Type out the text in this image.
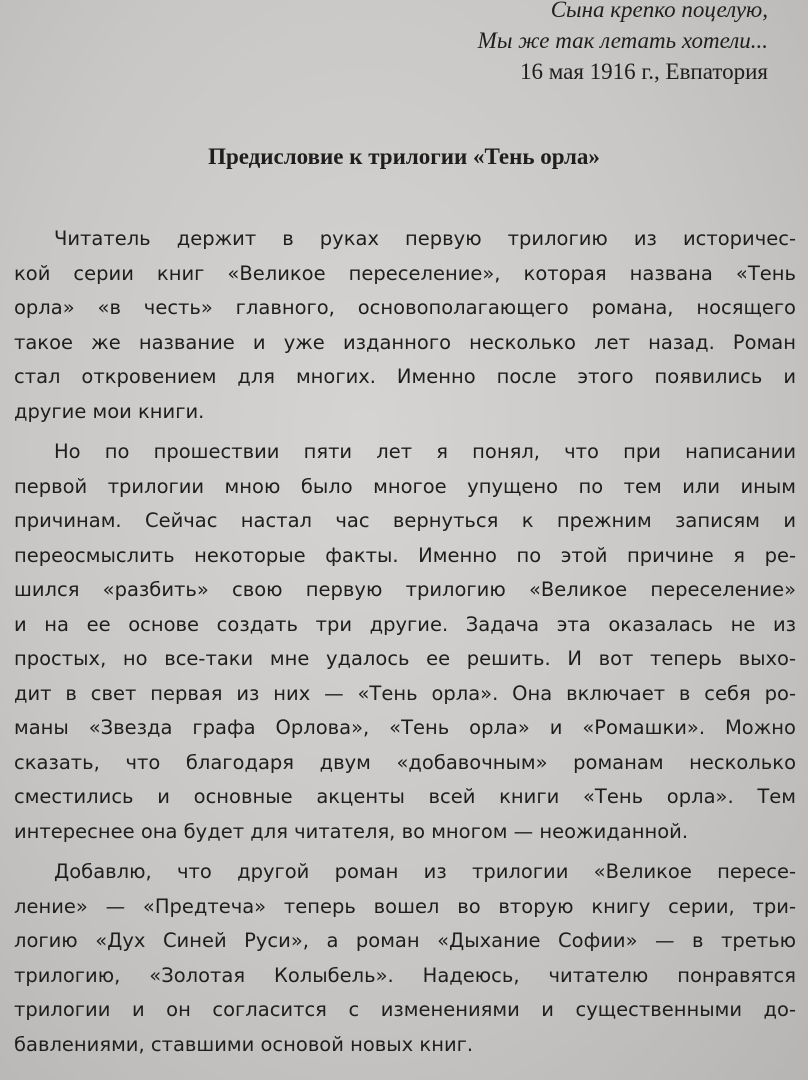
Сына крепко поцелую,
Мы же так летать хотели...
16 мая 1916 г., Евпатория
Предисловие к трилогии «Тень орла»
Читатель держит в руках первую трилогию из историчес-
кой серии книг «Великое переселение», которая названа «Тень
орла» «в честь» главного, основополагающего романа, носящего
такое же название и уже изданного несколько лет назад. Роман
стал откровением для многих. Именно после этого появились и
другие мои книги.
Но по прошествии пяти лет я понял, что при написании
первой трилогии мною было многое упущено по тем или иным
причинам. Сейчас настал час вернуться к прежним записям и
переосмыслить некоторые факты. Именно по этой причине я ре-
шился «разбить» свою первую трилогию «Великое переселение»
и на ее основе создать три другие. Задача эта оказалась не из
простых, но все-таки мне удалось ее решить. И вот теперь выхо-
дит в свет первая из них — «Тень орла». Она включает в себя ро-
маны «Звезда графа Орлова», «Тень орла» и «Ромашки». Можно
сказать, что благодаря двум «добавочным» романам несколько
сместились и основные акценты всей книги «Тень орла». Тем
интереснее она будет для читателя, во многом — неожиданной.
Добавлю, что другой роман из трилогии «Великое пересе-
ление» — «Предтеча» теперь вошел во вторую книгу серии, три-
логию «Дух Синей Руси», а роман «Дыхание Софии» — в третью
трилогию, «Золотая Колыбель». Надеюсь, читателю понравятся
трилогии и он согласится с изменениями и существенными до-
бавлениями, ставшими основой новых книг.
